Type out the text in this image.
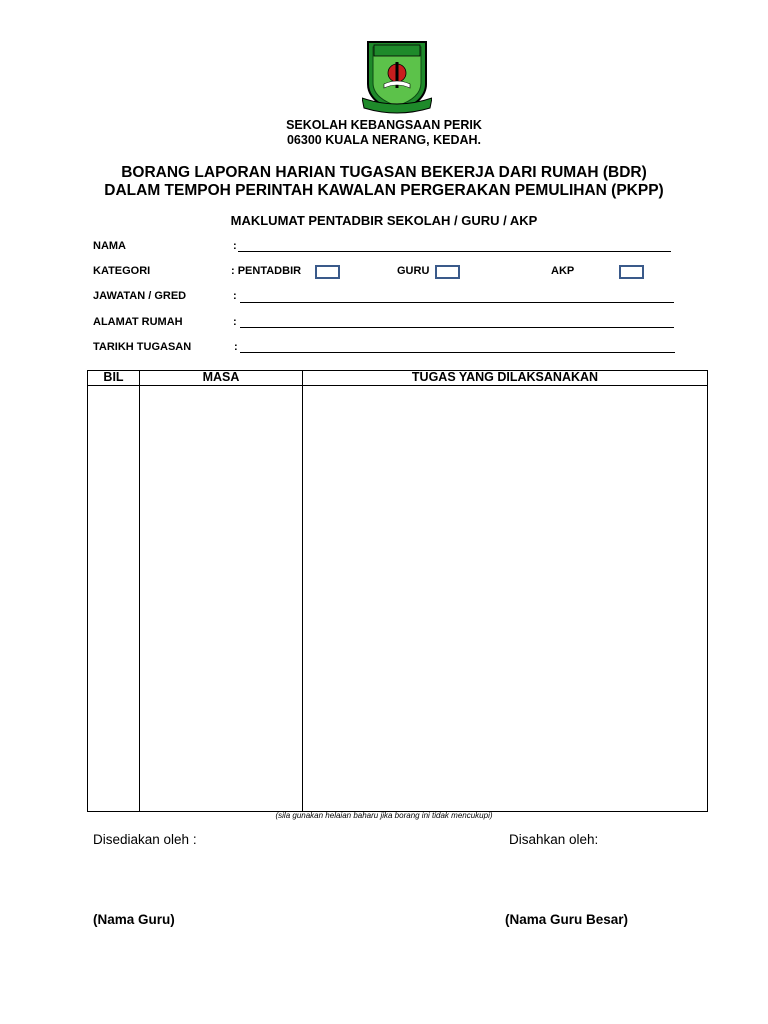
SEKOLAH KEBANGSAAN PERIK
06300 KUALA NERANG, KEDAH.
BORANG LAPORAN HARIAN TUGASAN BEKERJA DARI RUMAH (BDR)
DALAM TEMPOH PERINTAH KAWALAN PERGERAKAN PEMULIHAN (PKPP)
MAKLUMAT PENTADBIR SEKOLAH / GURU / AKP
NAMA	:
KATEGORI	: PENTADBIR	GURU	AKP
JAWATAN / GRED	:
ALAMAT RUMAH	:
TARIKH TUGASAN	:
BIL	MASA	TUGAS YANG DILAKSANAKAN

(sila gunakan helaian baharu jika borang ini tidak mencukupi)
Disediakan oleh :	Disahkan oleh:
(Nama Guru)	(Nama Guru Besar)
